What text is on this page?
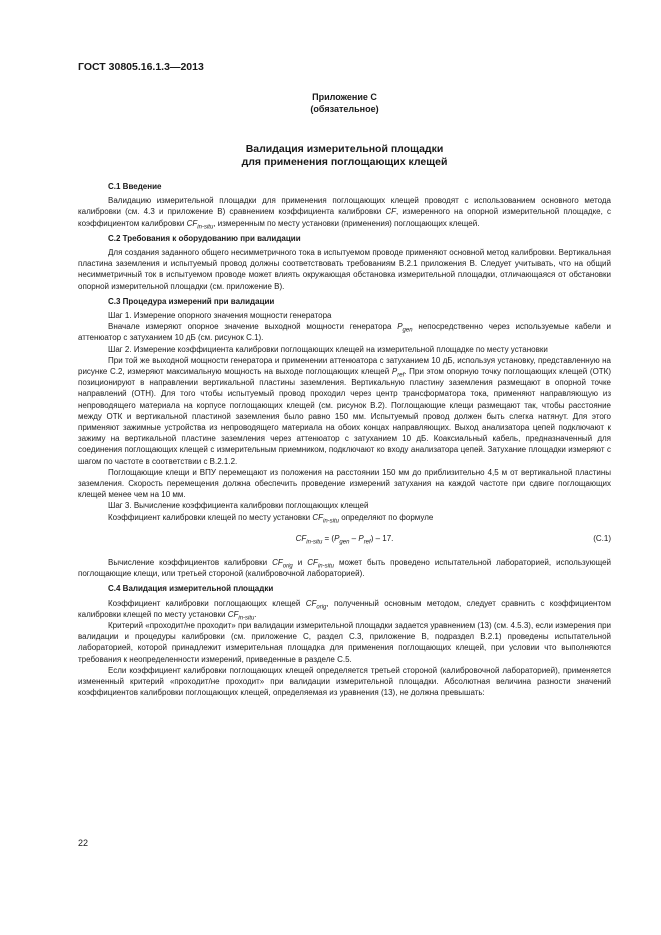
ГОСТ 30805.16.1.3—2013
Приложение С
(обязательное)
Валидация измерительной площадки
для применения поглощающих клещей
С.1 Введение

Валидацию измерительной площадки для применения поглощающих клещей проводят с использованием основного метода калибровки (см. 4.3 и приложение В) сравнением коэффициента калибровки CF, измеренного на опорной измерительной площадке, с коэффициентом калибровки $CF_{in-situ}$, измеренным по месту установки (применения) поглощающих клещей.

С.2 Требования к оборудованию при валидации

Для создания заданного общего несимметричного тока в испытуемом проводе применяют основной метод калибровки. Вертикальная пластина заземления и испытуемый провод должны соответствовать требованиям В.2.1 приложения В. Следует учитывать, что на общий несимметричный ток в испытуемом проводе может влиять окружающая обстановка измерительной площадки, отличающаяся от обстановки опорной измерительной площадки (см. приложение В).

С.3 Процедура измерений при валидации

Шаг 1. Измерение опорного значения мощности генератора

Вначале измеряют опорное значение выходной мощности генератора $P_{gen}$ непосредственно через используемые кабели и аттенюатор с затуханием 10 дБ (см. рисунок С.1).

Шаг 2. Измерение коэффициента калибровки поглощающих клещей на измерительной площадке по месту установки

При той же выходной мощности генератора и применении аттенюатора с затуханием 10 дБ, используя установку, представленную на рисунке С.2, измеряют максимальную мощность на выходе поглощающих клещей $P_{ref}$. При этом опорную точку поглощающих клещей (ОТК) позиционируют в направлении вертикальной пластины заземления. Вертикальную пластину заземления размещают в опорной точке направлений (ОТН). Для того чтобы испытуемый провод проходил через центр трансформатора тока, применяют направляющую из непроводящего материала на корпусе поглощающих клещей (см. рисунок В.2). Поглощающие клещи размещают так, чтобы расстояние между ОТК и вертикальной пластиной заземления было равно 150 мм. Испытуемый провод должен быть слегка натянут. Для этого применяют зажимные устройства из непроводящего материала на обоих концах направляющих. Выход анализатора цепей подключают к зажиму на вертикальной пластине заземления через аттенюатор с затуханием 10 дБ. Коаксиальный кабель, предназначенный для соединения поглощающих клещей с измерительным приемником, подключают ко входу анализатора цепей. Затухание площадки измеряют с шагом по частоте в соответствии с В.2.1.2.

Поглощающие клещи и ВПУ перемещают из положения на расстоянии 150 мм до приблизительно 4,5 м от вертикальной пластины заземления. Скорость перемещения должна обеспечить проведение измерений затухания на каждой частоте при сдвиге поглощающих клещей менее чем на 10 мм.

Шаг 3. Вычисление коэффициента калибровки поглощающих клещей

Коэффициент калибровки клещей по месту установки $CF_{in-situ}$ определяют по формуле

$CF_{in-situ} = (P_{gen} - P_{ref}) - 17$.	(С.1)

Вычисление коэффициентов калибровки $CF_{orig}$ и $CF_{in-situ}$ может быть проведено испытательной лабораторией, использующей поглощающие клещи, или третьей стороной (калибровочной лабораторией).

С.4 Валидация измерительной площадки

Коэффициент калибровки поглощающих клещей $CF_{orig}$, полученный основным методом, следует сравнить с коэффициентом калибровки клещей по месту установки $CF_{in-situ}$.

Критерий «проходит/не проходит» при валидации измерительной площадки задается уравнением (13) (см. 4.5.3), если измерения при валидации и процедуры калибровки (см. приложение С, раздел С.3, приложение В, подраздел В.2.1) проведены испытательной лабораторией, которой принадлежит измерительная площадка для применения поглощающих клещей, при условии что выполняются требования к неопределенности измерений, приведенные в разделе С.5.

Если коэффициент калибровки поглощающих клещей определяется третьей стороной (калибровочной лабораторией), применяется измененный критерий «проходит/не проходит» при валидации измерительной площадки. Абсолютная величина разности значений коэффициентов калибровки поглощающих клещей, определяемая из уравнения (13), не должна превышать:

22
